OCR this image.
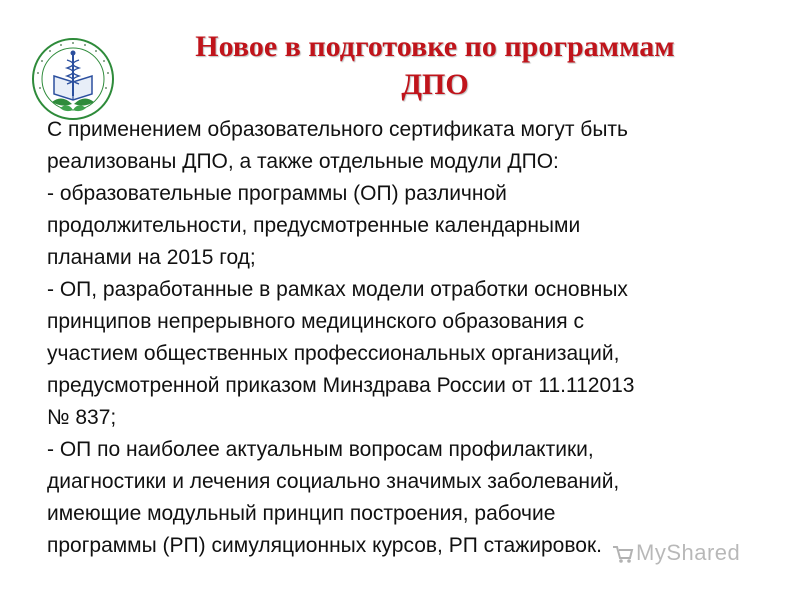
Новое в подготовке по программам
ДПО
С применением образовательного сертификата могут быть
реализованы ДПО, а также отдельные модули ДПО:
- образовательные программы (ОП) различной
продолжительности, предусмотренные календарными
планами на 2015 год;
- ОП, разработанные в рамках модели отработки основных
принципов непрерывного медицинского образования с
участием общественных профессиональных организаций,
предусмотренной приказом Минздрава России от 11.112013
№ 837;
- ОП по наиболее актуальным вопросам профилактики,
диагностики и лечения социально значимых заболеваний,
имеющие модульный принцип построения, рабочие
программы (РП) симуляционных курсов, РП стажировок.	MyShared
